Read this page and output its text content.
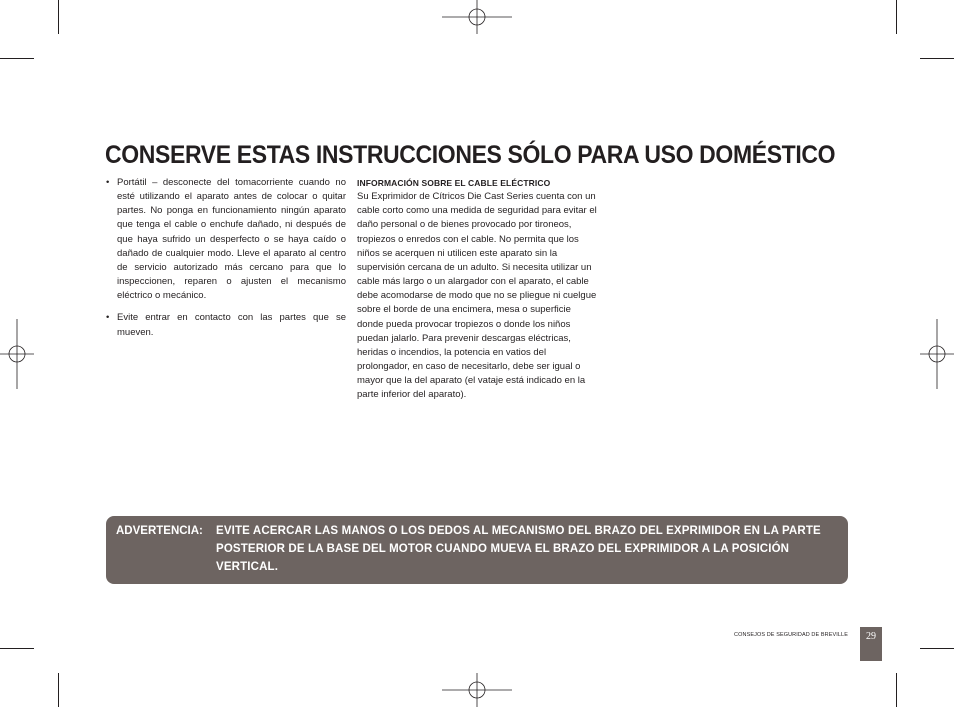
CONSERVE ESTAS INSTRUCCIONES SÓLO PARA USO DOMÉSTICO
• Portátil – desconecte del tomacorriente cuando no esté utilizando el aparato antes de colocar o quitar partes. No ponga en funcionamiento ningún aparato que tenga el cable o enchufe dañado, ni después de que haya sufrido un desperfecto o se haya caído o dañado de cualquier modo. Lleve el aparato al centro de servicio autorizado más cercano para que lo inspeccionen, reparen o ajusten el mecanismo eléctrico o mecánico.
• Evite entrar en contacto con las partes que se mueven.
INFORMACIÓN SOBRE EL CABLE ELÉCTRICO
Su Exprimidor de Cítricos Die Cast Series cuenta con un cable corto como una medida de seguridad para evitar el daño personal o de bienes provocado por tironeos, tropiezos o enredos con el cable. No permita que los niños se acerquen ni utilicen este aparato sin la supervisión cercana de un adulto. Si necesita utilizar un cable más largo o un alargador con el aparato, el cable debe acomodarse de modo que no se pliegue ni cuelgue sobre el borde de una encimera, mesa o superficie donde pueda provocar tropiezos o donde los niños puedan jalarlo. Para prevenir descargas eléctricas, heridas o incendios, la potencia en vatios del prolongador, en caso de necesitarlo, debe ser igual o mayor que la del aparato (el vataje está indicado en la parte inferior del aparato).
ADVERTENCIA: EVITE ACERCAR LAS MANOS O LOS DEDOS AL MECANISMO DEL BRAZO DEL EXPRIMIDOR EN LA PARTE POSTERIOR DE LA BASE DEL MOTOR CUANDO MUEVA EL BRAZO DEL EXPRIMIDOR A LA POSICIÓN VERTICAL.
CONSEJOS DE SEGURIDAD DE BREVILLE	29
